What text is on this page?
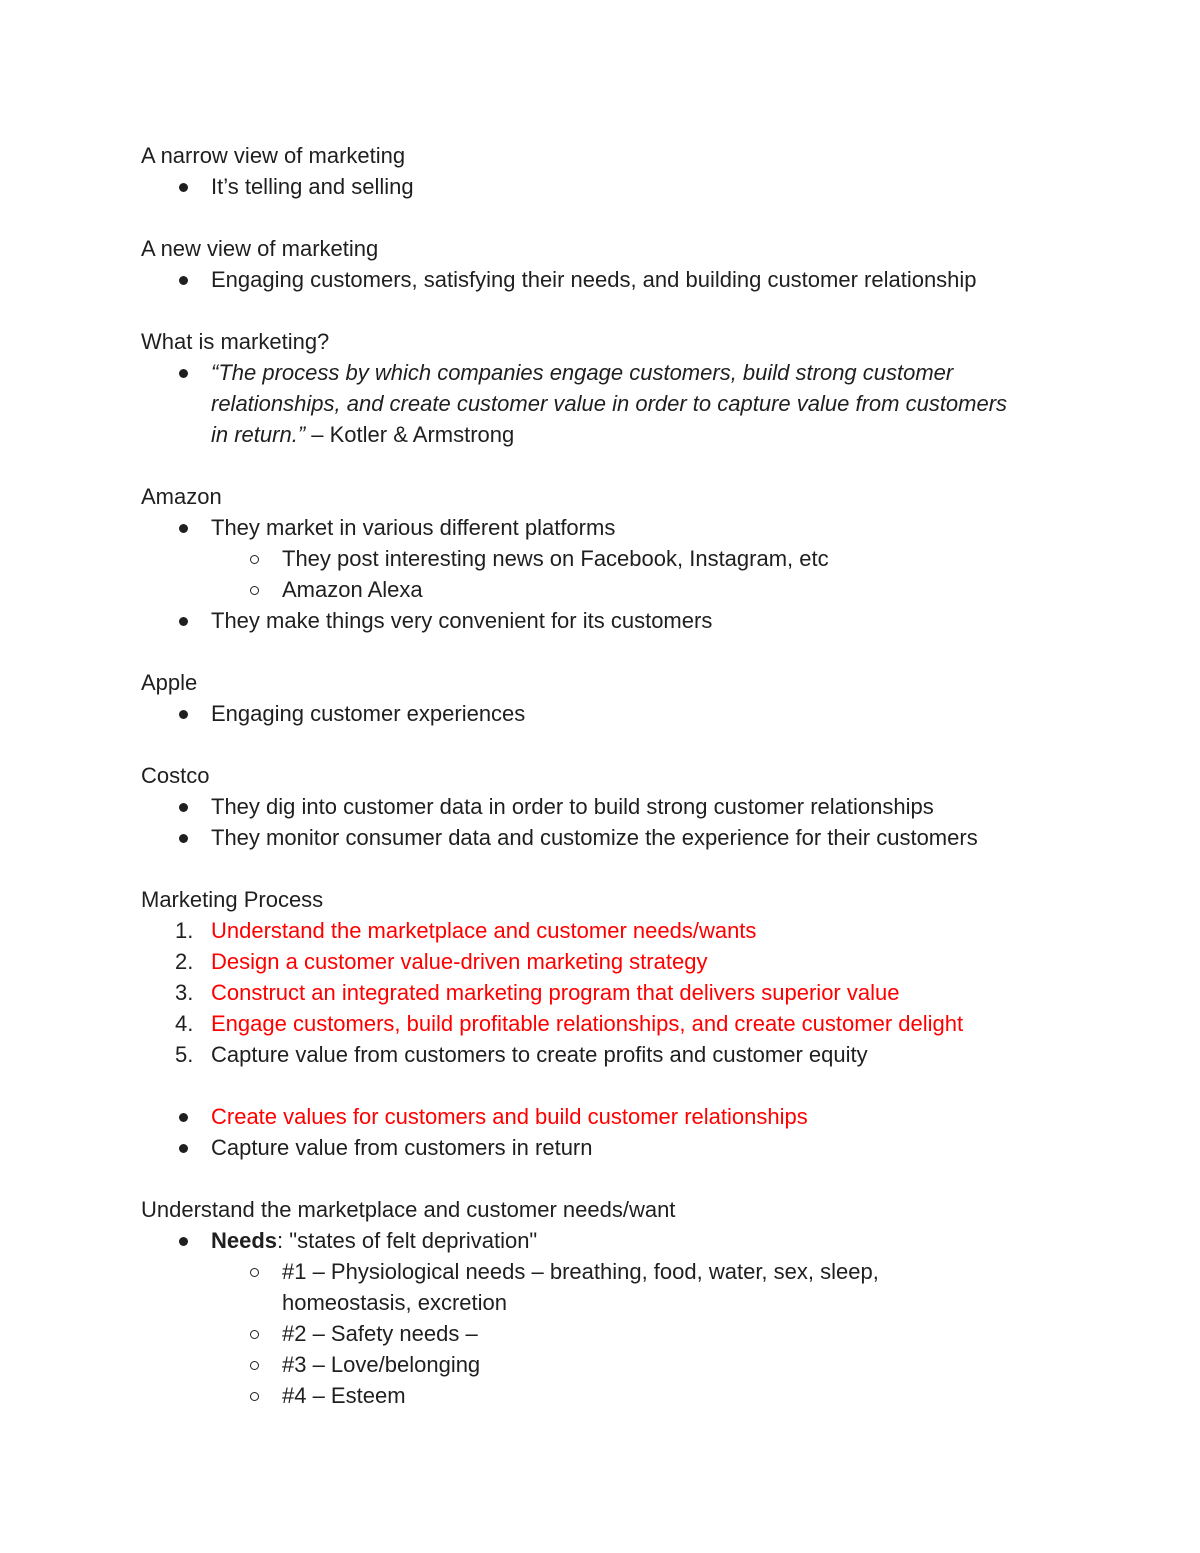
A narrow view of marketing

It’s telling and selling

A new view of marketing

Engaging customers, satisfying their needs, and building customer relationship

What is marketing?

“The process by which companies engage customers, build strong customer relationships, and create customer value in order to capture value from customers in return.” – Kotler & Armstrong

Amazon

They market in various different platforms
They post interesting news on Facebook, Instagram, etc
Amazon Alexa
They make things very convenient for its customers

Apple

Engaging customer experiences

Costco

They dig into customer data in order to build strong customer relationships
They monitor consumer data and customize the experience for their customers

Marketing Process

1. Understand the marketplace and customer needs/wants
2. Design a customer value-driven marketing strategy
3. Construct an integrated marketing program that delivers superior value
4. Engage customers, build profitable relationships, and create customer delight
5. Capture value from customers to create profits and customer equity
Create values for customers and build customer relationships
Capture value from customers in return

Understand the marketplace and customer needs/want

Needs: "states of felt deprivation"
#1 – Physiological needs – breathing, food, water, sex, sleep, homeostasis, excretion
#2 – Safety needs –
#3 – Love/belonging
#4 – Esteem
